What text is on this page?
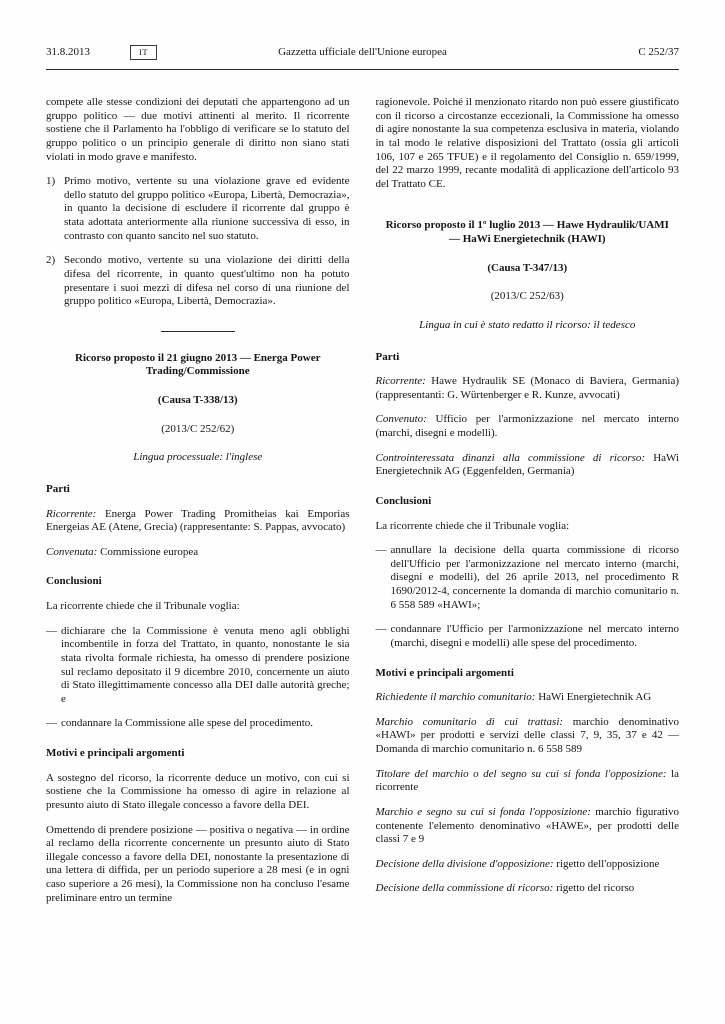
31.8.2013	IT	Gazzetta ufficiale dell'Unione europea	C 252/37

compete alle stesse condizioni dei deputati che appartengono ad un gruppo politico — due motivi attinenti al merito. Il ricorrente sostiene che il Parlamento ha l'obbligo di verificare se lo statuto del gruppo politico o un principio generale di diritto non siano stati violati in modo grave e manifesto.

1) Primo motivo, vertente su una violazione grave ed evidente dello statuto del gruppo politico «Europa, Libertà, Democrazia», in quanto la decisione di escludere il ricorrente dal gruppo è stata adottata anteriormente alla riunione successiva di esso, in contrasto con quanto sancito nel suo statuto.
2) Secondo motivo, vertente su una violazione dei diritti della difesa del ricorrente, in quanto quest'ultimo non ha potuto presentare i suoi mezzi di difesa nel corso di una riunione del gruppo politico «Europa, Libertà, Democrazia».
Ricorso proposto il 21 giugno 2013 — Energa Power Trading/Commissione
(Causa T-338/13)
(2013/C 252/62)
Lingua processuale: l'inglese
Parti

Ricorrente: Energa Power Trading Promitheias kai Emporias Energeias AE (Atene, Grecia) (rappresentante: S. Pappas, avvocato)

Convenuta: Commissione europea

Conclusioni

La ricorrente chiede che il Tribunale voglia:

— dichiarare che la Commissione è venuta meno agli obblighi incombentile in forza del Trattato, in quanto, nonostante le sia stata rivolta formale richiesta, ha omesso di prendere posizione sul reclamo depositato il 9 dicembre 2010, concernente un aiuto di Stato illegittimamente concesso alla DEI dalle autorità greche; e
— condannare la Commissione alle spese del procedimento.
Motivi e principali argomenti

A sostegno del ricorso, la ricorrente deduce un motivo, con cui si sostiene che la Commissione ha omesso di agire in relazione al presunto aiuto di Stato illegale concesso a favore della DEI.

Omettendo di prendere posizione — positiva o negativa — in ordine al reclamo della ricorrente concernente un presunto aiuto di Stato illegale concesso a favore della DEI, nonostante la presentazione di una lettera di diffida, per un periodo superiore a 28 mesi (e in ogni caso superiore a 26 mesi), la Commissione non ha concluso l'esame preliminare entro un termine

ragionevole. Poiché il menzionato ritardo non può essere giustificato con il ricorso a circostanze eccezionali, la Commissione ha omesso di agire nonostante la sua competenza esclusiva in materia, violando in tal modo le relative disposizioni del Trattato (ossia gli articoli 106, 107 e 265 TFUE) e il regolamento del Consiglio n. 659/1999, del 22 marzo 1999, recante modalità di applicazione dell'articolo 93 del Trattato CE.

Ricorso proposto il 1º luglio 2013 — Hawe Hydraulik/UAMI — HaWi Energietechnik (HAWI)
(Causa T-347/13)
(2013/C 252/63)
Lingua in cui è stato redatto il ricorso: il tedesco
Parti

Ricorrente: Hawe Hydraulik SE (Monaco di Baviera, Germania) (rappresentanti: G. Würtenberger e R. Kunze, avvocati)

Convenuto: Ufficio per l'armonizzazione nel mercato interno (marchi, disegni e modelli).

Controinteressata dinanzi alla commissione di ricorso: HaWi Energietechnik AG (Eggenfelden, Germania)

Conclusioni

La ricorrente chiede che il Tribunale voglia:

— annullare la decisione della quarta commissione di ricorso dell'Ufficio per l'armonizzazione nel mercato interno (marchi, disegni e modelli), del 26 aprile 2013, nel procedimento R 1690/2012-4, concernente la domanda di marchio comunitario n. 6 558 589 «HAWI»;
— condannare l'Ufficio per l'armonizzazione nel mercato interno (marchi, disegni e modelli) alle spese del procedimento.
Motivi e principali argomenti

Richiedente il marchio comunitario: HaWi Energietechnik AG

Marchio comunitario di cui trattasi: marchio denominativo «HAWI» per prodotti e servizi delle classi 7, 9, 35, 37 e 42 — Domanda di marchio comunitario n. 6 558 589

Titolare del marchio o del segno su cui si fonda l'opposizione: la ricorrente

Marchio e segno su cui si fonda l'opposizione: marchio figurativo contenente l'elemento denominativo «HAWE», per prodotti delle classi 7 e 9

Decisione della divisione d'opposizione: rigetto dell'opposizione

Decisione della commissione di ricorso: rigetto del ricorso
